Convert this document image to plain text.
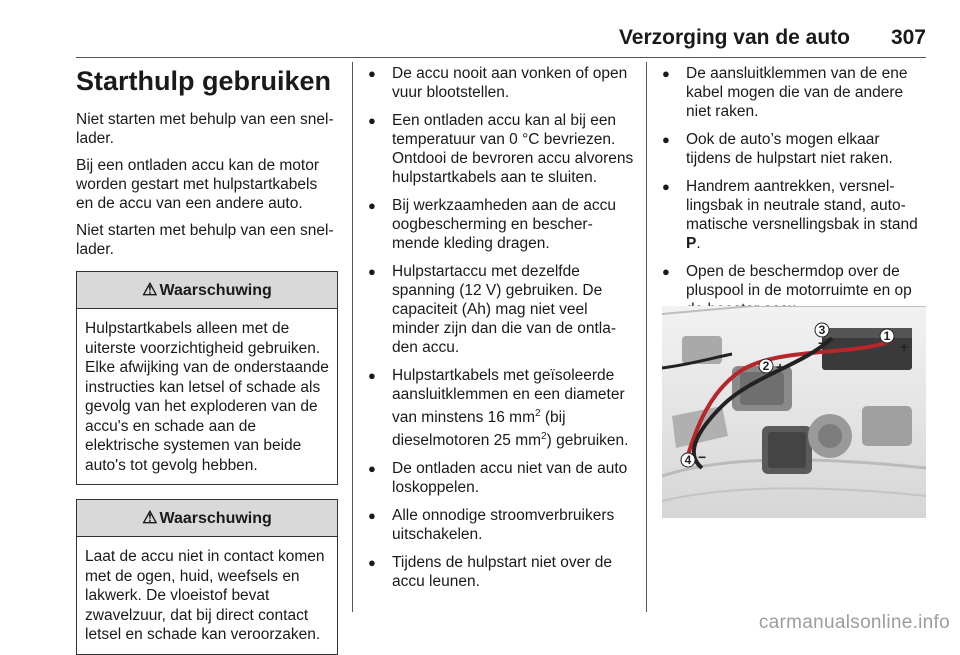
Verzorging van de auto	307
Starthulp gebruiken

Niet starten met behulp van een snellader.

Bij een ontladen accu kan de motor worden gestart met hulpstartkabels en de accu van een andere auto.

Niet starten met behulp van een snellader.

⚠ Waarschuwing
Hulpstartkabels alleen met de uiterste voorzichtigheid gebruiken. Elke afwijking van de onderstaande instructies kan letsel of schade als gevolg van het exploderen van de accu's en schade aan de elektrische systemen van beide auto's tot gevolg hebben.
⚠ Waarschuwing
Laat de accu niet in contact komen met de ogen, huid, weefsels en lakwerk. De vloeistof bevat zwavelzuur, dat bij direct contact letsel en schade kan veroorzaken.
● De accu nooit aan vonken of open vuur blootstellen.
● Een ontladen accu kan al bij een temperatuur van 0 °C bevriezen. Ontdooi de bevroren accu alvorens hulpstartkabels aan te sluiten.
● Bij werkzaamheden aan de accu oogbescherming en beschermende kleding dragen.
● Hulpstartaccu met dezelfde spanning (12 V) gebruiken. De capaciteit (Ah) mag niet veel minder zijn dan die van de ontladen accu.
● Hulpstartkabels met geïsoleerde aansluitklemmen en een diameter van minstens 16 $mm^2$ (bij dieselmotoren 25 $mm^2$) gebruiken.
● De ontladen accu niet van de auto loskoppelen.
● Alle onnodige stroomverbruikers uitschakelen.
● Tijdens de hulpstart niet over de accu leunen.
● De aansluitklemmen van de ene kabel mogen die van de andere niet raken.
● Ook de auto’s mogen elkaar tijdens de hulpstart niet raken.
● Handrem aantrekken, versnellingsbak in neutrale stand, automatische versnellingsbak in stand P.
● Open de beschermdop over de pluspool in de motorruimte en op
1
+
3
−
2 +
4 −
carmanualsonline.info
